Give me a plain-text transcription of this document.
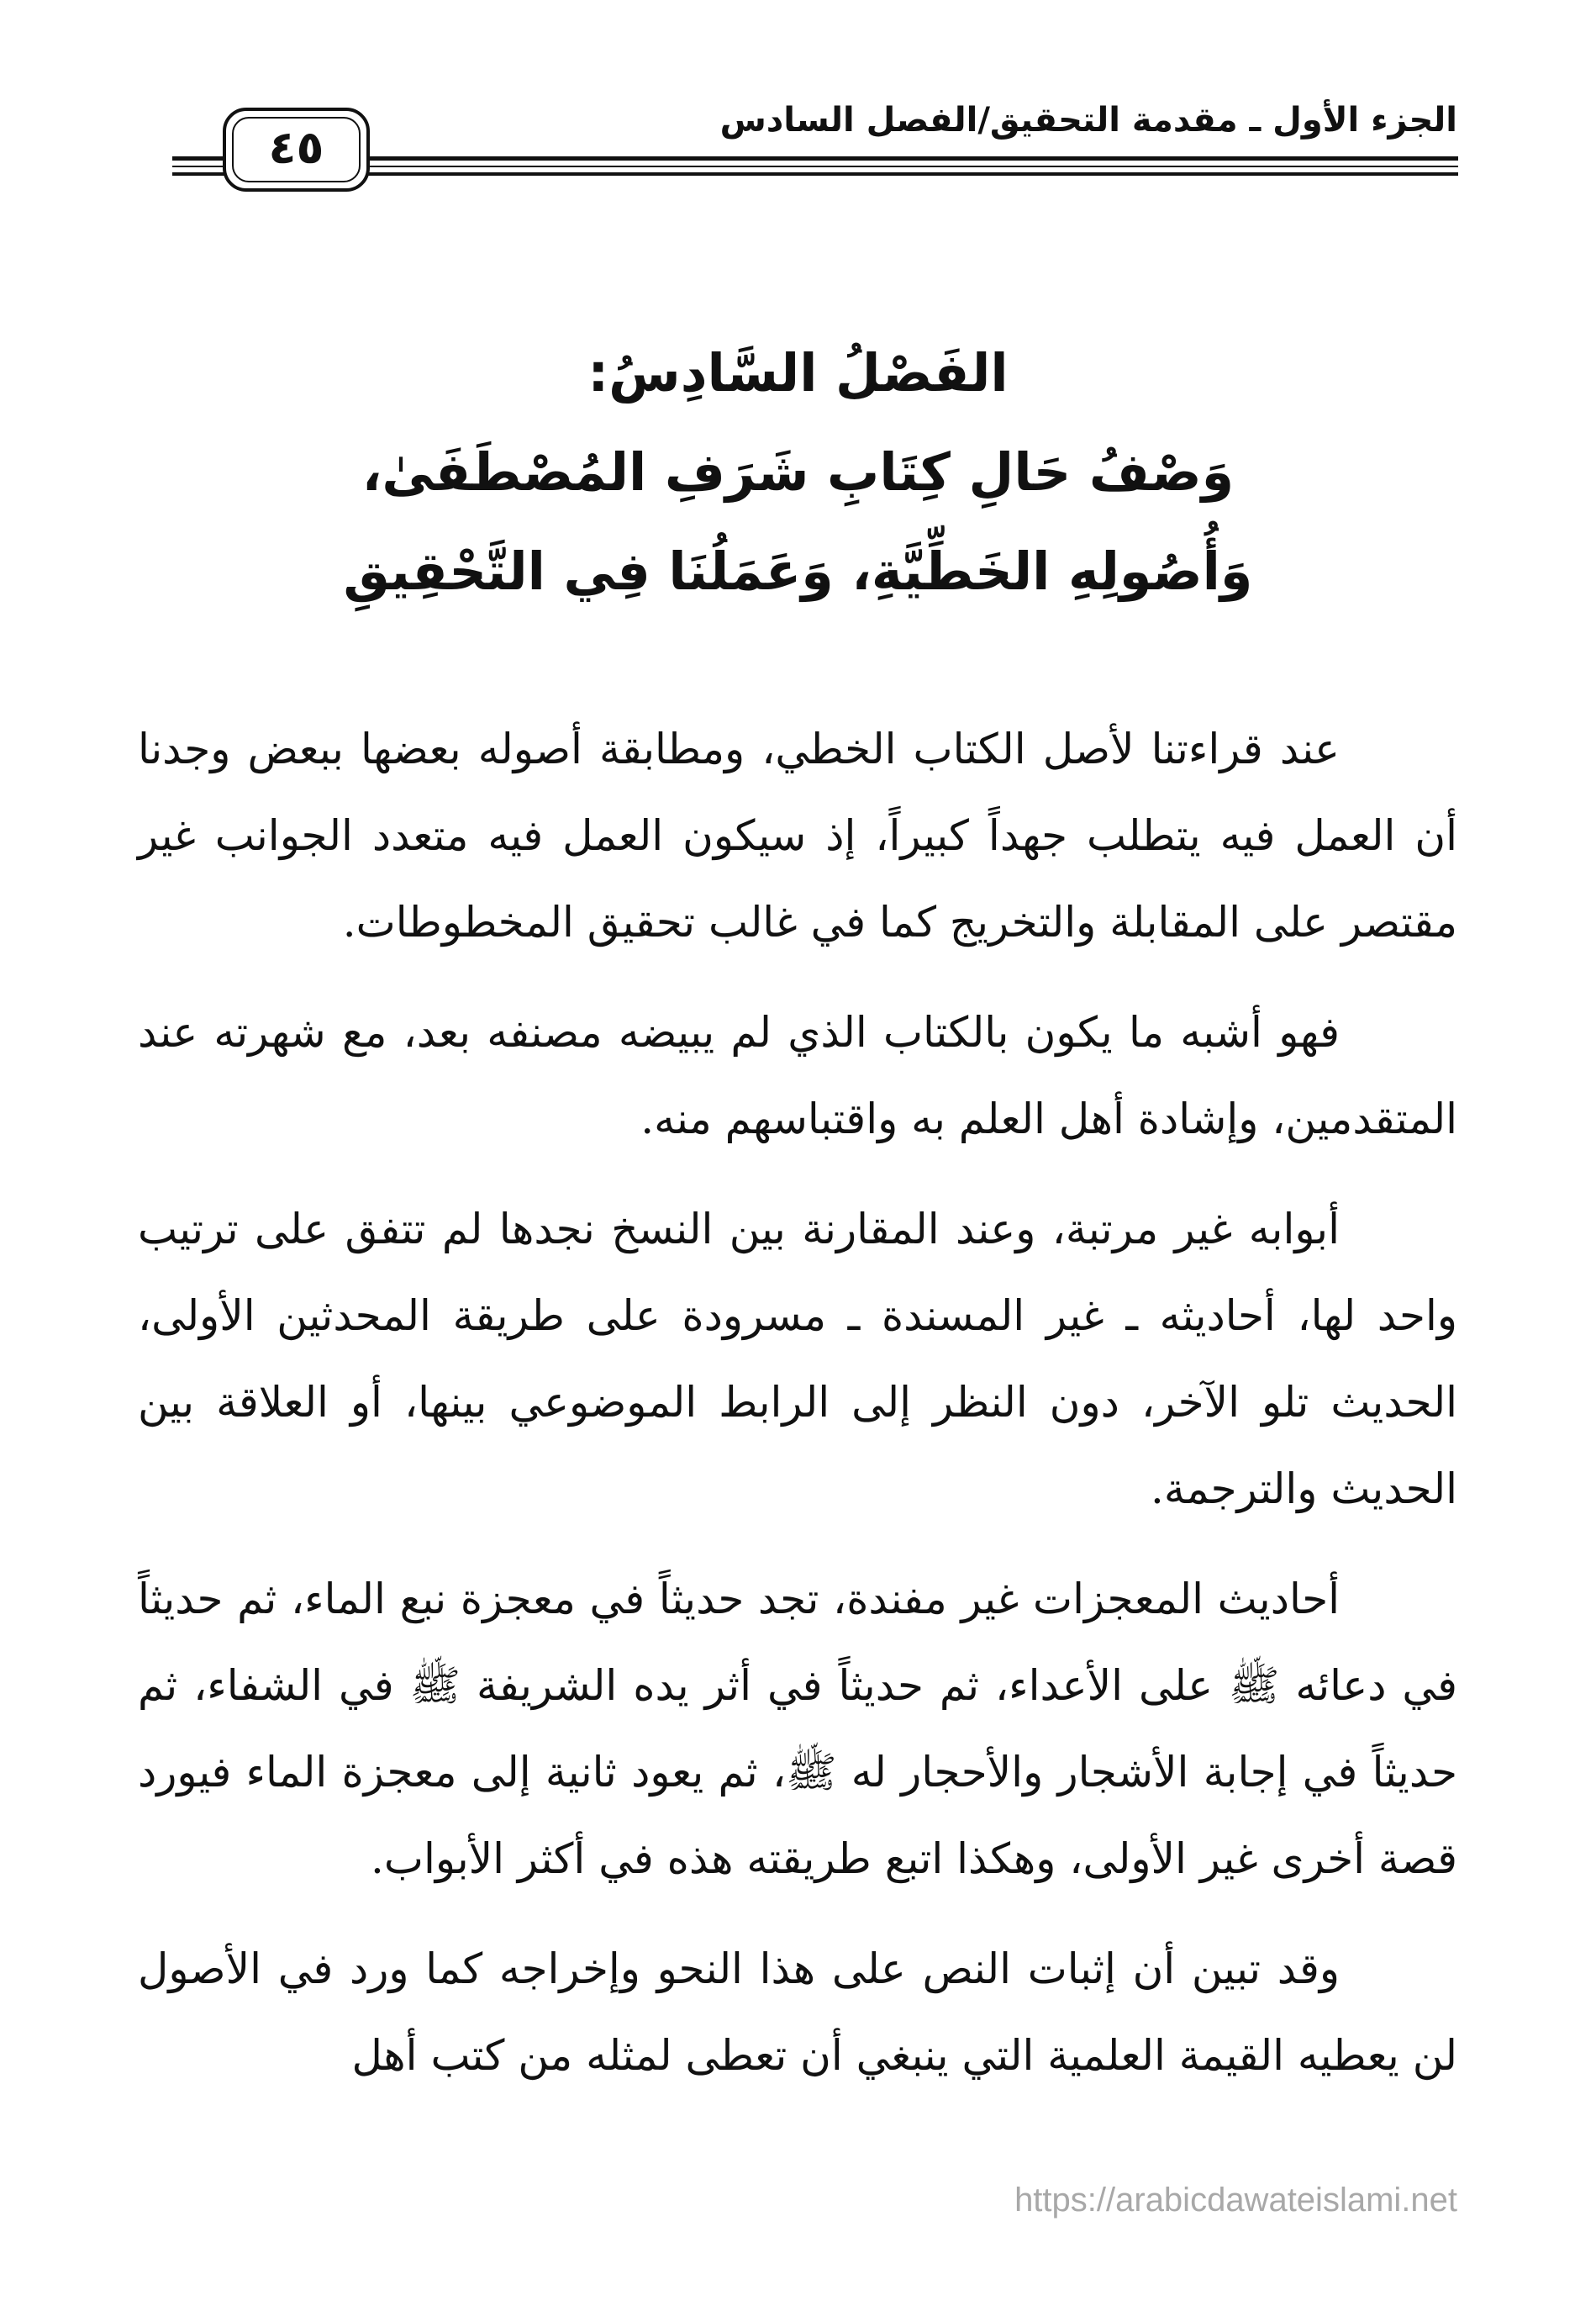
الجزء الأول ـ مقدمة التحقيق/الفصل السادس
٤٥
الفَصْلُ السَّادِسُ:
وَصْفُ حَالِ كِتَابِ شَرَفِ المُصْطَفَىٰ،
وَأُصُولِهِ الخَطِّيَّةِ، وَعَمَلُنَا فِي التَّحْقِيقِ

عند قراءتنا لأصل الكتاب الخطي، ومطابقة أصوله بعضها ببعض وجدنا أن العمل فيه يتطلب جهداً كبيراً، إذ سيكون العمل فيه متعدد الجوانب غير مقتصر على المقابلة والتخريج كما في غالب تحقيق المخطوطات.

فهو أشبه ما يكون بالكتاب الذي لم يبيضه مصنفه بعد، مع شهرته عند المتقدمين، وإشادة أهل العلم به واقتباسهم منه.

أبوابه غير مرتبة، وعند المقارنة بين النسخ نجدها لم تتفق على ترتيب واحد لها، أحاديثه ـ غير المسندة ـ مسرودة على طريقة المحدثين الأولى، الحديث تلو الآخر، دون النظر إلى الرابط الموضوعي بينها، أو العلاقة بين الحديث والترجمة.

أحاديث المعجزات غير مفندة، تجد حديثاً في معجزة نبع الماء، ثم حديثاً في دعائه ﷺ على الأعداء، ثم حديثاً في أثر يده الشريفة ﷺ في الشفاء، ثم حديثاً في إجابة الأشجار والأحجار له ﷺ، ثم يعود ثانية إلى معجزة الماء فيورد قصة أخرى غير الأولى، وهكذا اتبع طريقته هذه في أكثر الأبواب.

وقد تبين أن إثبات النص على هذا النحو وإخراجه كما ورد في الأصول لن يعطيه القيمة العلمية التي ينبغي أن تعطى لمثله من كتب أهل

https://arabicdawateislami.net
